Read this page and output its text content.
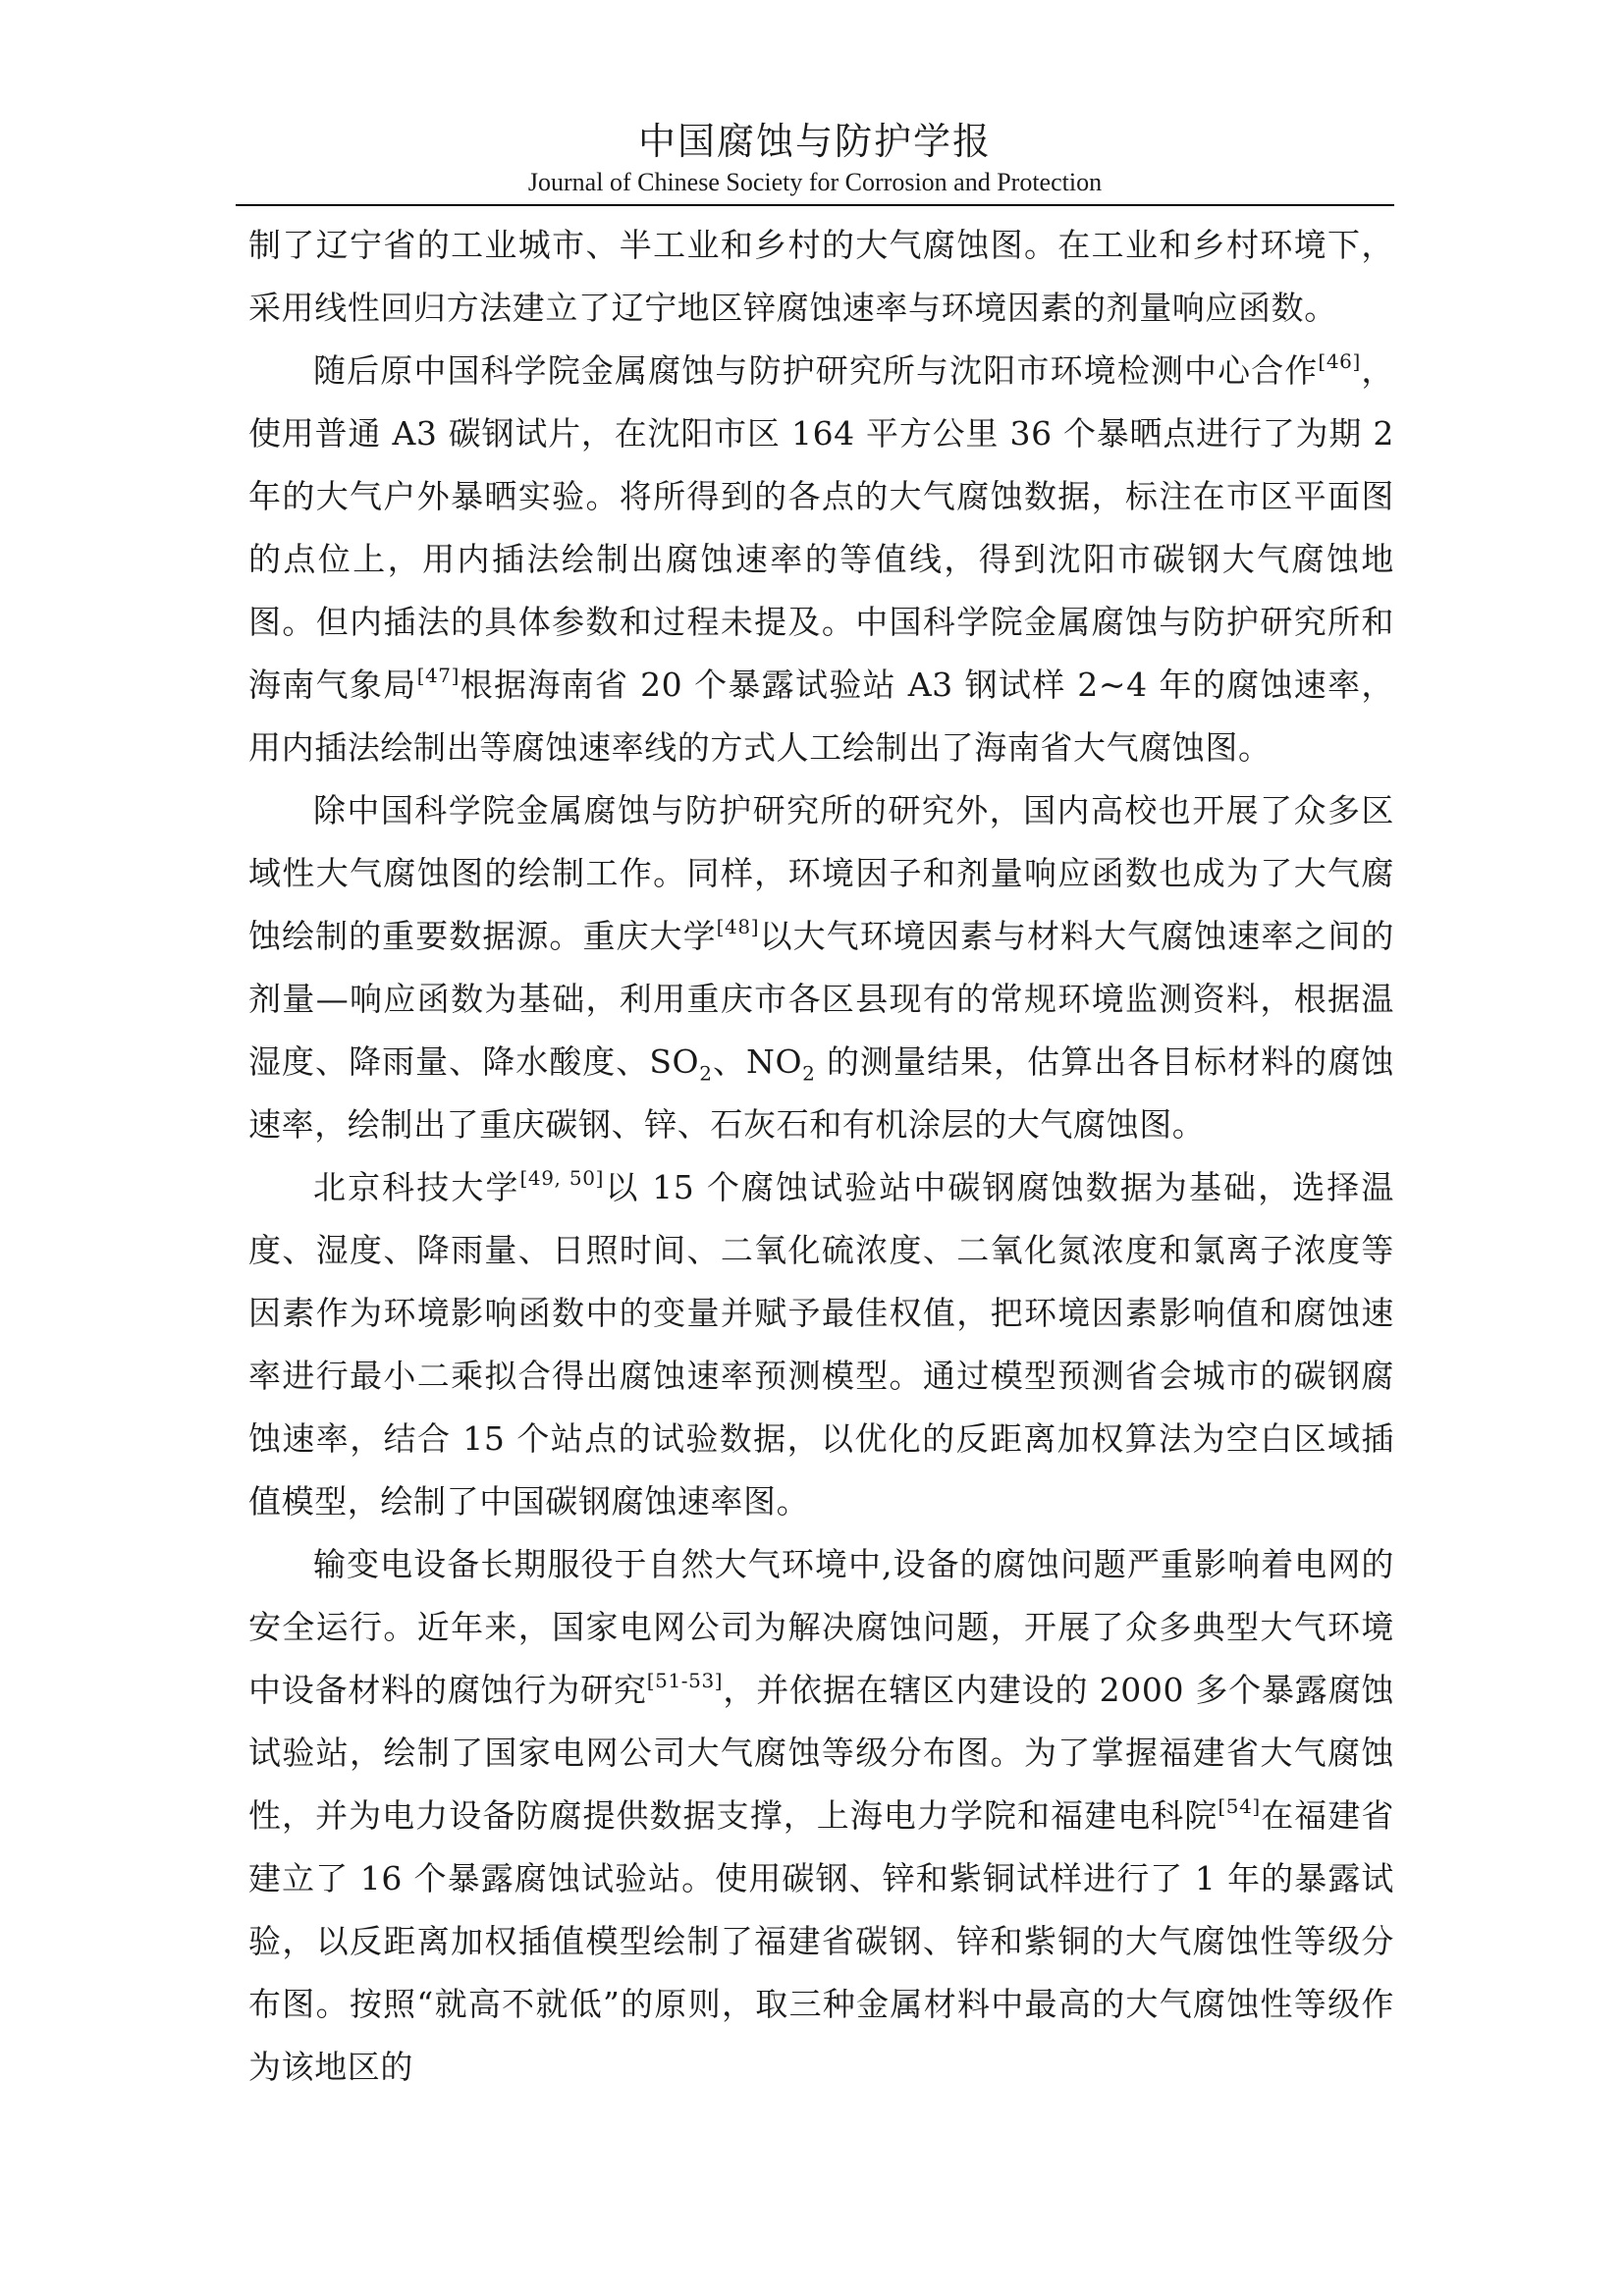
中国腐蚀与防护学报
Journal of Chinese Society for Corrosion and Protection

制了辽宁省的工业城市、半工业和乡村的大气腐蚀图。在工业和乡村环境下，采用线性回归方法建立了辽宁地区锌腐蚀速率与环境因素的剂量响应函数。

随后原中国科学院金属腐蚀与防护研究所与沈阳市环境检测中心合作[46]，使用普通 A3 碳钢试片，在沈阳市区 164 平方公里 36 个暴晒点进行了为期 2 年的大气户外暴晒实验。将所得到的各点的大气腐蚀数据，标注在市区平面图的点位上，用内插法绘制出腐蚀速率的等值线，得到沈阳市碳钢大气腐蚀地图。但内插法的具体参数和过程未提及。中国科学院金属腐蚀与防护研究所和海南气象局[47]根据海南省 20 个暴露试验站 A3 钢试样 2~4 年的腐蚀速率，用内插法绘制出等腐蚀速率线的方式人工绘制出了海南省大气腐蚀图。

除中国科学院金属腐蚀与防护研究所的研究外，国内高校也开展了众多区域性大气腐蚀图的绘制工作。同样，环境因子和剂量响应函数也成为了大气腐蚀绘制的重要数据源。重庆大学[48]以大气环境因素与材料大气腐蚀速率之间的剂量—响应函数为基础，利用重庆市各区县现有的常规环境监测资料，根据温湿度、降雨量、降水酸度、$SO_2$、$NO_2$ 的测量结果，估算出各目标材料的腐蚀速率，绘制出了重庆碳钢、锌、石灰石和有机涂层的大气腐蚀图。

北京科技大学[49, 50]以 15 个腐蚀试验站中碳钢腐蚀数据为基础，选择温度、湿度、降雨量、日照时间、二氧化硫浓度、二氧化氮浓度和氯离子浓度等因素作为环境影响函数中的变量并赋予最佳权值，把环境因素影响值和腐蚀速率进行最小二乘拟合得出腐蚀速率预测模型。通过模型预测省会城市的碳钢腐蚀速率，结合 15 个站点的试验数据，以优化的反距离加权算法为空白区域插值模型，绘制了中国碳钢腐蚀速率图。

输变电设备长期服役于自然大气环境中,设备的腐蚀问题严重影响着电网的安全运行。近年来，国家电网公司为解决腐蚀问题，开展了众多典型大气环境中设备材料的腐蚀行为研究[51-53]，并依据在辖区内建设的 2000 多个暴露腐蚀试验站，绘制了国家电网公司大气腐蚀等级分布图。为了掌握福建省大气腐蚀性，并为电力设备防腐提供数据支撑，上海电力学院和福建电科院[54]在福建省建立了 16 个暴露腐蚀试验站。使用碳钢、锌和紫铜试样进行了 1 年的暴露试验，以反距离加权插值模型绘制了福建省碳钢、锌和紫铜的大气腐蚀性等级分布图。按照“就高不就低”的原则，取三种金属材料中最高的大气腐蚀性等级作为该地区的
